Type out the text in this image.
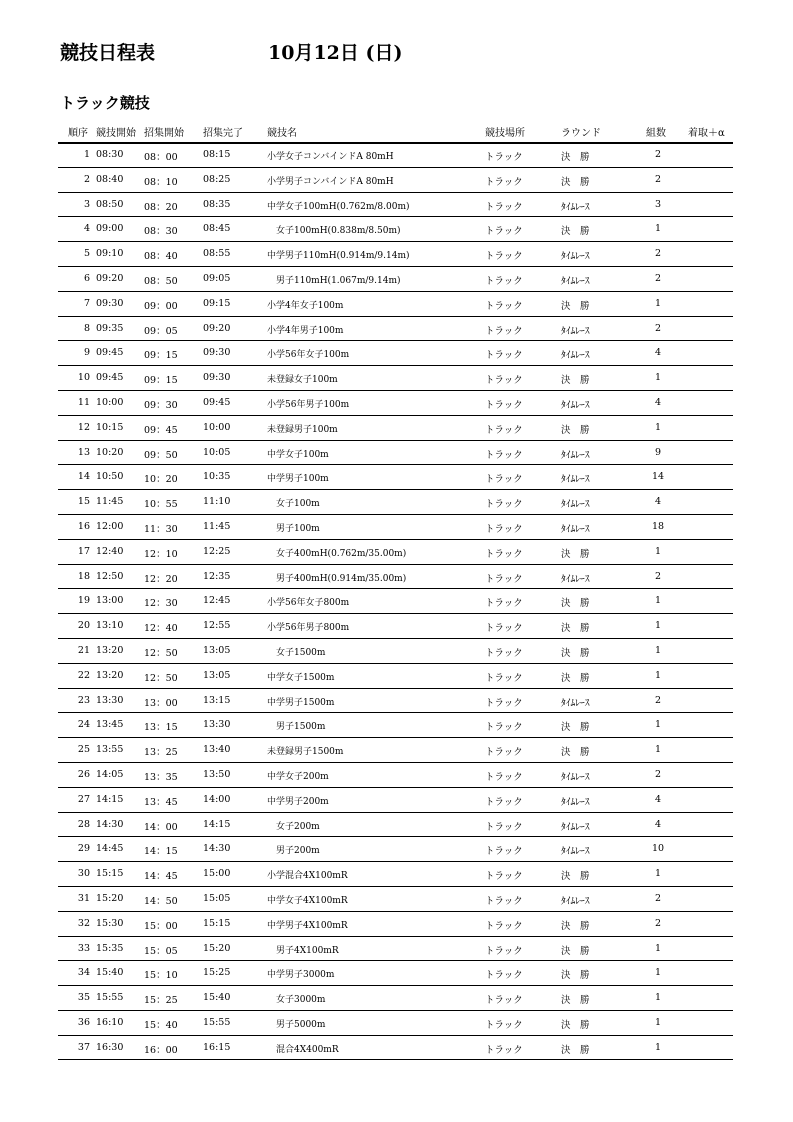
競技日程表	10月12日 (日)
トラック競技
順序 競技開始 招集開始 招集完了 競技名	競技場所	ラウンド	組数 着取＋α
1 08:30 08：00	08:15	小学女子コンバインドA 80mH	トラック	決　勝	2
2 08:40 08：10	08:25	小学男子コンバインドA 80mH	トラック	決　勝	2
3 08:50 08：20	08:35	中学女子100mH(0.762m/8.00m)	トラック	ﾀｲﾑﾚｰｽ	3
4 09:00 08：30	08:45	　女子100mH(0.838m/8.50m)	トラック	決　勝	1
5 09:10 08：40	08:55	中学男子110mH(0.914m/9.14m)	トラック	ﾀｲﾑﾚｰｽ	2
6 09:20 08：50	09:05	　男子110mH(1.067m/9.14m)	トラック	ﾀｲﾑﾚｰｽ	2
7 09:30 09：00	09:15	小学4年女子100m	トラック	決　勝	1
8 09:35 09：05	09:20	小学4年男子100m	トラック	ﾀｲﾑﾚｰｽ	2
9 09:45 09：15	09:30	小学56年女子100m	トラック	ﾀｲﾑﾚｰｽ	4
10 09:45 09：15	09:30	未登録女子100m	トラック	決　勝	1
11 10:00 09：30	09:45	小学56年男子100m	トラック	ﾀｲﾑﾚｰｽ	4
12 10:15 09：45	10:00	未登録男子100m	トラック	決　勝	1
13 10:20 09：50	10:05	中学女子100m	トラック	ﾀｲﾑﾚｰｽ	9
14 10:50 10：20	10:35	中学男子100m	トラック	ﾀｲﾑﾚｰｽ	14
15 11:45 10：55	11:10	　女子100m	トラック	ﾀｲﾑﾚｰｽ	4
16 12:00 11：30	11:45	　男子100m	トラック	ﾀｲﾑﾚｰｽ	18
17 12:40 12：10	12:25	　女子400mH(0.762m/35.00m)	トラック	決　勝	1
18 12:50 12：20	12:35	　男子400mH(0.914m/35.00m)	トラック	ﾀｲﾑﾚｰｽ	2
19 13:00 12：30	12:45	小学56年女子800m	トラック	決　勝	1
20 13:10 12：40	12:55	小学56年男子800m	トラック	決　勝	1
21 13:20 12：50	13:05	　女子1500m	トラック	決　勝	1
22 13:20 12：50	13:05	中学女子1500m	トラック	決　勝	1
23 13:30 13：00	13:15	中学男子1500m	トラック	ﾀｲﾑﾚｰｽ	2
24 13:45 13：15	13:30	　男子1500m	トラック	決　勝	1
25 13:55 13：25	13:40	未登録男子1500m	トラック	決　勝	1
26 14:05 13：35	13:50	中学女子200m	トラック	ﾀｲﾑﾚｰｽ	2
27 14:15 13：45	14:00	中学男子200m	トラック	ﾀｲﾑﾚｰｽ	4
28 14:30 14：00	14:15	　女子200m	トラック	ﾀｲﾑﾚｰｽ	4
29 14:45 14：15	14:30	　男子200m	トラック	ﾀｲﾑﾚｰｽ	10
30 15:15 14：45	15:00	小学混合4X100mR	トラック	決　勝	1
31 15:20 14：50	15:05	中学女子4X100mR	トラック	ﾀｲﾑﾚｰｽ	2
32 15:30 15：00	15:15	中学男子4X100mR	トラック	決　勝	2
33 15:35 15：05	15:20	　男子4X100mR	トラック	決　勝	1
34 15:40 15：10	15:25	中学男子3000m	トラック	決　勝	1
35 15:55 15：25	15:40	　女子3000m	トラック	決　勝	1
36 16:10 15：40	15:55	　男子5000m	トラック	決　勝	1
37 16:30 16：00	16:15	　混合4X400mR	トラック	決　勝	1
